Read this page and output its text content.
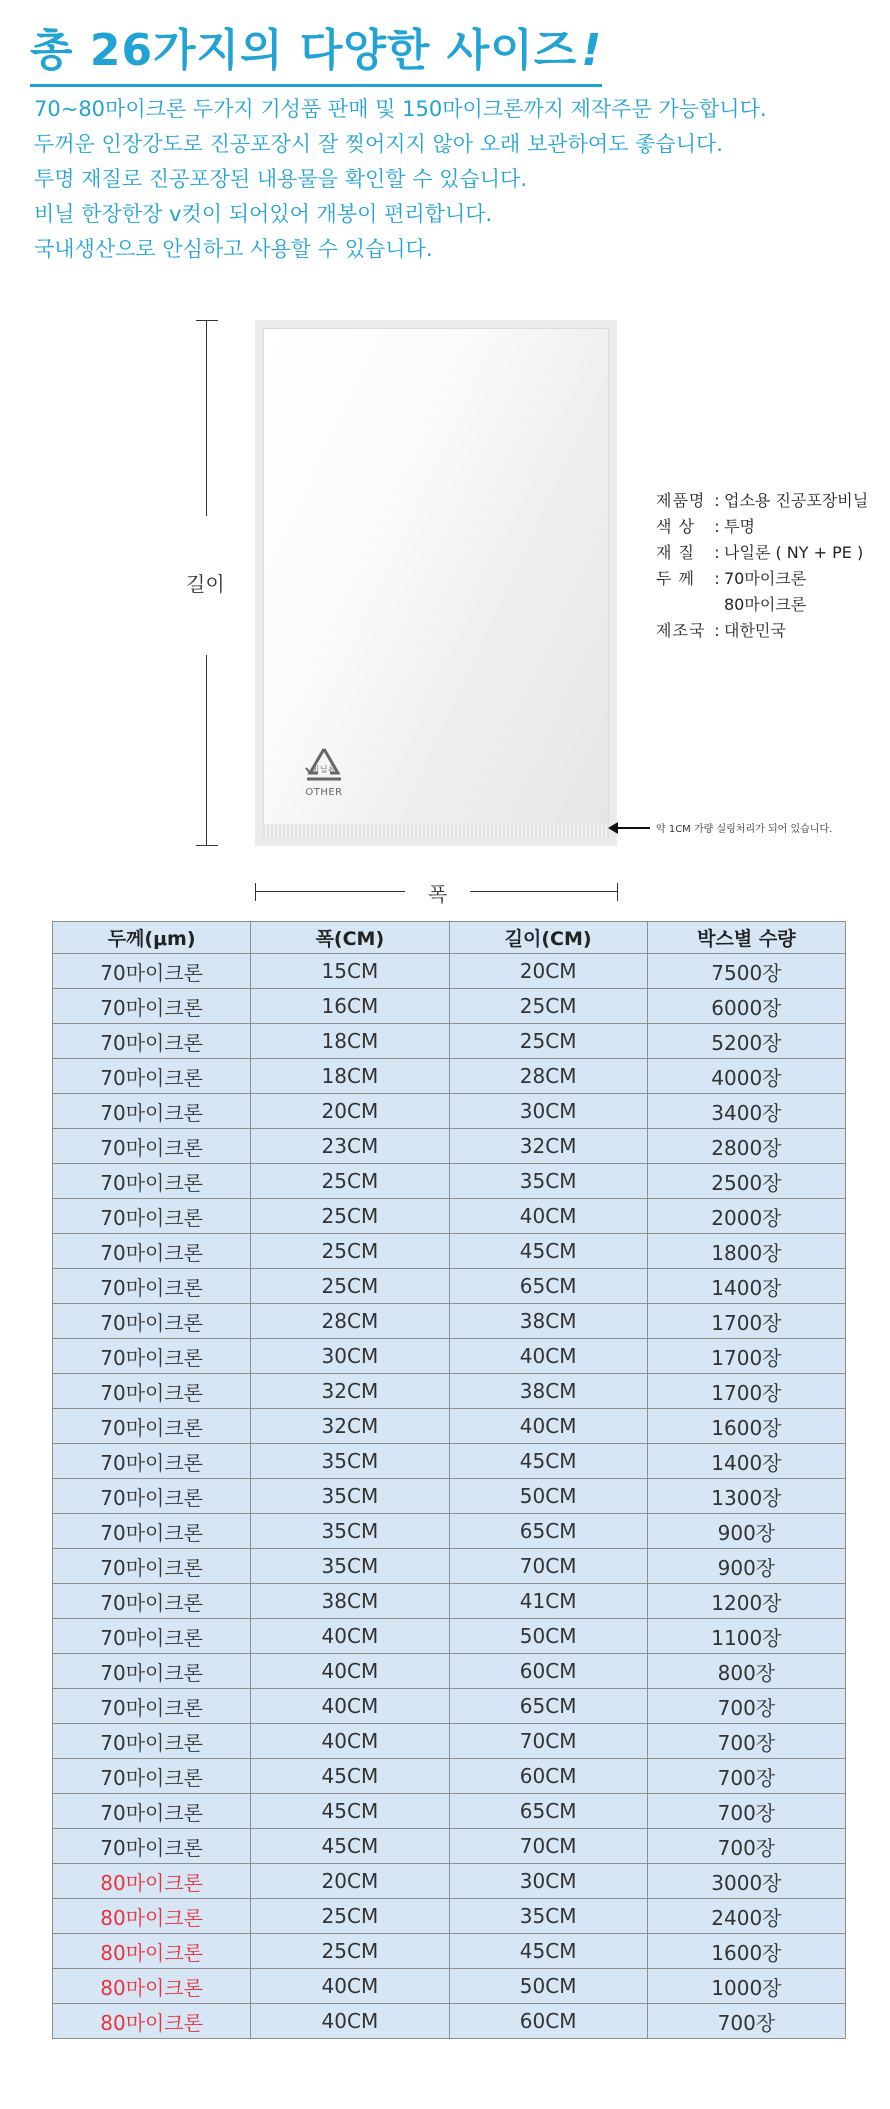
총 26가지의 다양한 사이즈!

70~80마이크론 두가지 기성품 판매 및 150마이크론까지 제작주문 가능합니다.

두꺼운 인장강도로 진공포장시 잘 찢어지지 않아 오래 보관하여도 좋습니다.

투명 재질로 진공포장된 내용물을 확인할 수 있습니다.

비닐 한장한장 v컷이 되어있어 개봉이 편리합니다.

국내생산으로 안심하고 사용할 수 있습니다.

길이
비닐류
OTHER
약 1CM 가량 실링처리가 되어 있습니다.
폭
제품명 : 업소용 진공포장비닐
색 상	: 투명
재 질	: 나일론 ( NY + PE )
두 께	: 70마이크론
80마이크론
제조국 : 대한민국
두께(μm)	폭(CM)	길이(CM)	박스별 수량
70마이크론	15CM	20CM	7500장
70마이크론	16CM	25CM	6000장
70마이크론	18CM	25CM	5200장
70마이크론	18CM	28CM	4000장
70마이크론	20CM	30CM	3400장
70마이크론	23CM	32CM	2800장
70마이크론	25CM	35CM	2500장
70마이크론	25CM	40CM	2000장
70마이크론	25CM	45CM	1800장
70마이크론	25CM	65CM	1400장
70마이크론	28CM	38CM	1700장
70마이크론	30CM	40CM	1700장
70마이크론	32CM	38CM	1700장
70마이크론	32CM	40CM	1600장
70마이크론	35CM	45CM	1400장
70마이크론	35CM	50CM	1300장
70마이크론	35CM	65CM	900장
70마이크론	35CM	70CM	900장
70마이크론	38CM	41CM	1200장
70마이크론	40CM	50CM	1100장
70마이크론	40CM	60CM	800장
70마이크론	40CM	65CM	700장
70마이크론	40CM	70CM	700장
70마이크론	45CM	60CM	700장
70마이크론	45CM	65CM	700장
70마이크론	45CM	70CM	700장
80마이크론	20CM	30CM	3000장
80마이크론	25CM	35CM	2400장
80마이크론	25CM	45CM	1600장
80마이크론	40CM	50CM	1000장
80마이크론	40CM	60CM	700장
